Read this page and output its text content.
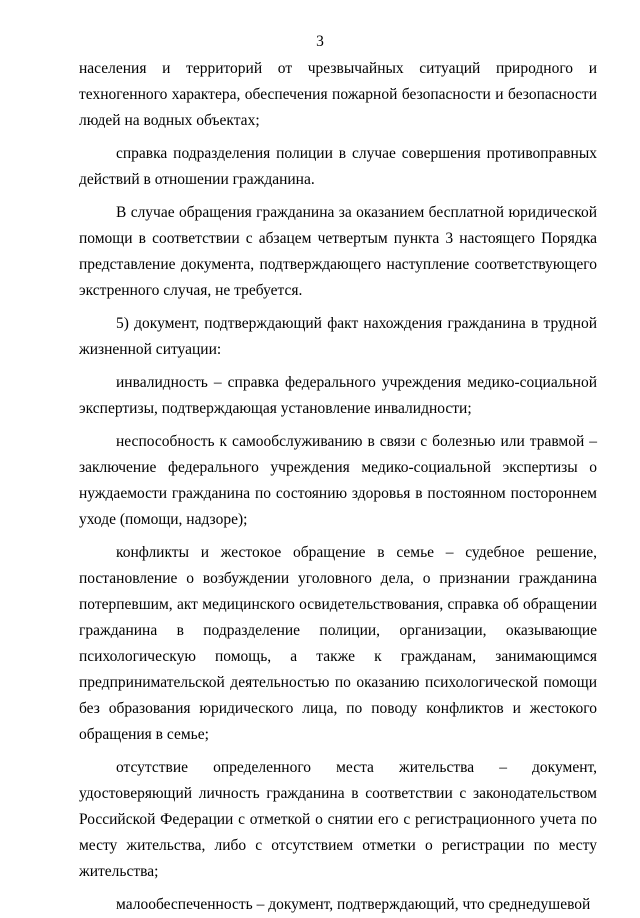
3

населения и территорий от чрезвычайных ситуаций природного и техногенного характера, обеспечения пожарной безопасности и безопасности людей на водных объектах;

справка подразделения полиции в случае совершения противоправных действий в отношении гражданина.

В случае обращения гражданина за оказанием бесплатной юридической помощи в соответствии с абзацем четвертым пункта 3 настоящего Порядка представление документа, подтверждающего наступление соответствующего экстренного случая, не требуется.

5) документ, подтверждающий факт нахождения гражданина в трудной жизненной ситуации:

инвалидность – справка федерального учреждения медико-социальной экспертизы, подтверждающая установление инвалидности;

неспособность к самообслуживанию в связи с болезнью или травмой – заключение федерального учреждения медико-социальной экспертизы о нуждаемости гражданина по состоянию здоровья в постоянном постороннем уходе (помощи, надзоре);

конфликты и жестокое обращение в семье – судебное решение, постановление о возбуждении уголовного дела, о признании гражданина потерпевшим, акт медицинского освидетельствования, справка об обращении гражданина в подразделение полиции, организации, оказывающие психологическую помощь, а также к гражданам, занимающимся предпринимательской деятельностью по оказанию психологической помощи без образования юридического лица, по поводу конфликтов и жестокого обращения в семье;

отсутствие определенного места жительства – документ, удостоверяющий личность гражданина в соответствии с законодательством Российской Федерации с отметкой о снятии его с регистрационного учета по месту жительства, либо с отсутствием отметки о регистрации по месту жительства;

малообеспеченность – документ, подтверждающий, что среднедушевой
